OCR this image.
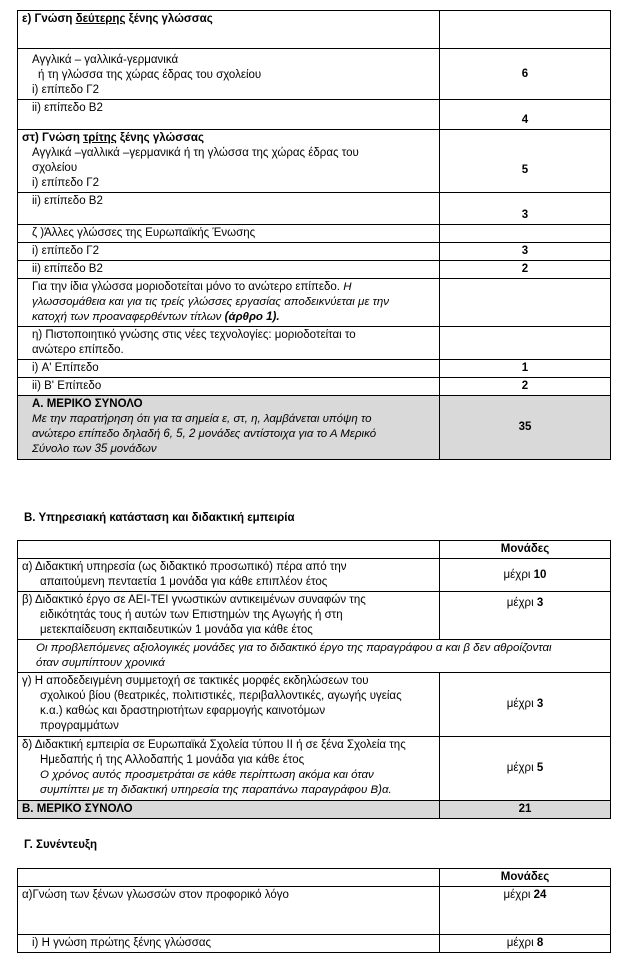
ε) Γνώση δεύτερης ξένης γλώσσας	

Αγγλικά – γαλλικά-γερμανικά
ή τη γλώσσα της χώρας έδρας του σχολείου
i) επίπεδο Γ2	6
ii) επίπεδο Β2	4

στ) Γνώση τρίτης ξένης γλώσσας
Αγγλικά –γαλλικά –γερμανικά ή τη γλώσσα της χώρας έδρας του
σχολείου
i) επίπεδο Γ2	5
ii) επίπεδο Β2	3
ζ )Άλλες γλώσσες της Ευρωπαϊκής Ένωσης	
i) επίπεδο Γ2	3
ii) επίπεδο Β2	2

Για την ίδια γλώσσα μοριοδοτείται μόνο το ανώτερο επίπεδο. Η
γλωσσομάθεια και για τις τρείς γλώσσες εργασίας αποδεικνύεται με την
κατοχή των προαναφερθέντων τίτλων (άρθρο 1).	

η) Πιστοποιητικό γνώσης στις νέες τεχνολογίες: μοριοδοτείται το
ανώτερο επίπεδο.	

i) Α' Επίπεδο	1
ii) Β' Επίπεδο	2

Α. ΜΕΡΙΚΟ ΣΥΝΟΛΟ
Με την παρατήρηση ότι για τα σημεία ε, στ, η, λαμβάνεται υπόψη το
ανώτερο επίπεδο δηλαδή 6, 5, 2 μονάδες αντίστοιχα για το Α Μερικό
Σύνολο των 35 μονάδων	35
Β. Υπηρεσιακή κατάσταση και διδακτική εμπειρία
	Μονάδες

α) Διδακτική υπηρεσία (ως διδακτικό προσωπικό) πέρα από την
απαιτούμενη πενταετία 1 μονάδα για κάθε επιπλέον έτος	μέχρι 10

β) Διδακτικό έργο σε ΑΕΙ-ΤΕΙ γνωστικών αντικειμένων συναφών της
ειδικότητάς τους ή αυτών των Επιστημών της Αγωγής ή στη
μετεκπαίδευση εκπαιδευτικών 1 μονάδα για κάθε έτος	μέχρι 3

Οι προβλεπόμενες αξιολογικές μονάδες για το διδακτικό έργο της παραγράφου α και β δεν αθροίζονται
όταν συμπίπτουν χρονικά	

γ) Η αποδεδειγμένη συμμετοχή σε τακτικές μορφές εκδηλώσεων του
σχολικού βίου (θεατρικές, πολιτιστικές, περιβαλλοντικές, αγωγής υγείας
κ.α.) καθώς και δραστηριοτήτων εφαρμογής καινοτόμων
προγραμμάτων	μέχρι 3

δ) Διδακτική εμπειρία σε Ευρωπαϊκά Σχολεία τύπου ΙΙ ή σε ξένα Σχολεία της
Ημεδαπής ή της Αλλοδαπής 1 μονάδα για κάθε έτος
Ο χρόνος αυτός προσμετράται σε κάθε περίπτωση ακόμα και όταν
συμπίπτει με τη διδακτική υπηρεσία της παραπάνω παραγράφου Β)α.	μέχρι 5
Β. ΜΕΡΙΚΟ ΣΥΝΟΛΟ	21
Γ. Συνέντευξη
	Μονάδες
α)Γνώση των ξένων γλωσσών στον προφορικό λόγο	μέχρι 24
i) Η γνώση πρώτης ξένης γλώσσας	μέχρι 8
